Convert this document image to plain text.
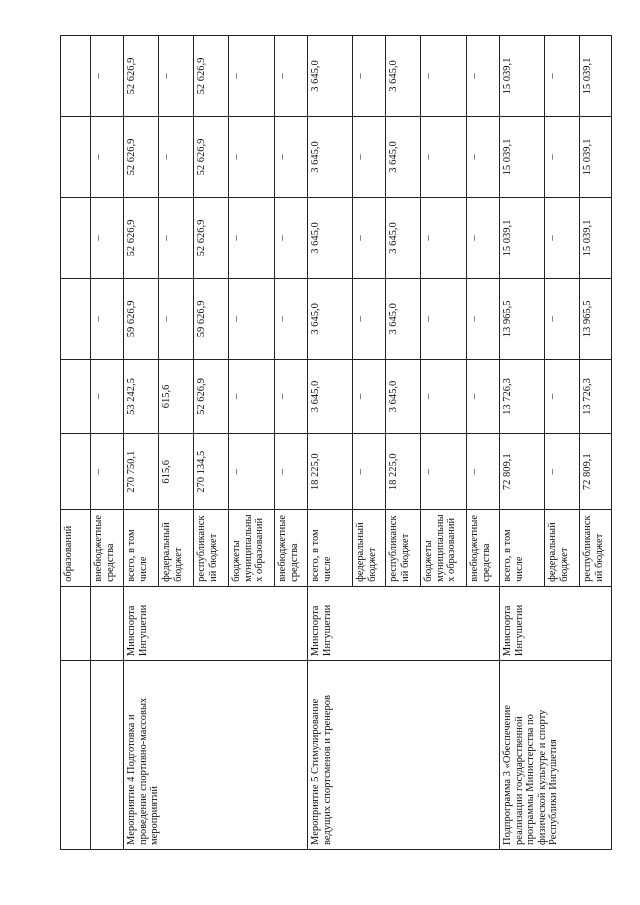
		образований						
		внебюджетные средства	–	–	–	–	–	–
Мероприятие 4 Подготовка и проведение спортивно-массовых мероприятий	Минспорта Ингушетии	всего, в том числе	270 750,1	53 242,5	59 626,9	52 626,9	52 626,9	52 626,9
		федеральный бюджет	615,6	615,6	–	–	–	–
		республиканский бюджет	270 134,5	52 626,9	59 626,9	52 626,9	52 626,9	52 626,9
		бюджеты муниципальных образований	–	–	–	–	–	–
		внебюджетные средства	–	–	–	–	–	–
Мероприятие 5 Стимулирование ведущих спортсменов и тренеров	Минспорта Ингушетии	всего, в том числе	18 225,0	3 645,0	3 645,0	3 645,0	3 645,0	3 645,0
		федеральный бюджет	–	–	–	–	–	–
		республиканский бюджет	18 225,0	3 645,0	3 645,0	3 645,0	3 645,0	3 645,0
		бюджеты муниципальных образований	–	–	–	–	–	–
		внебюджетные средства	–	–	–	–	–	–
Подпрограмма 3 «Обеспечение реализации государственной программы Министерства по физической культуре и спорту Республики Ингушетия	Минспорта Ингушетии	всего, в том числе	72 809,1	13 726,3	13 965,5	15 039,1	15 039,1	15 039,1
		федеральный бюджет	–	–	–	–	–	–
		республиканский бюджет	72 809,1	13 726,3	13 965,5	15 039,1	15 039,1	15 039,1
